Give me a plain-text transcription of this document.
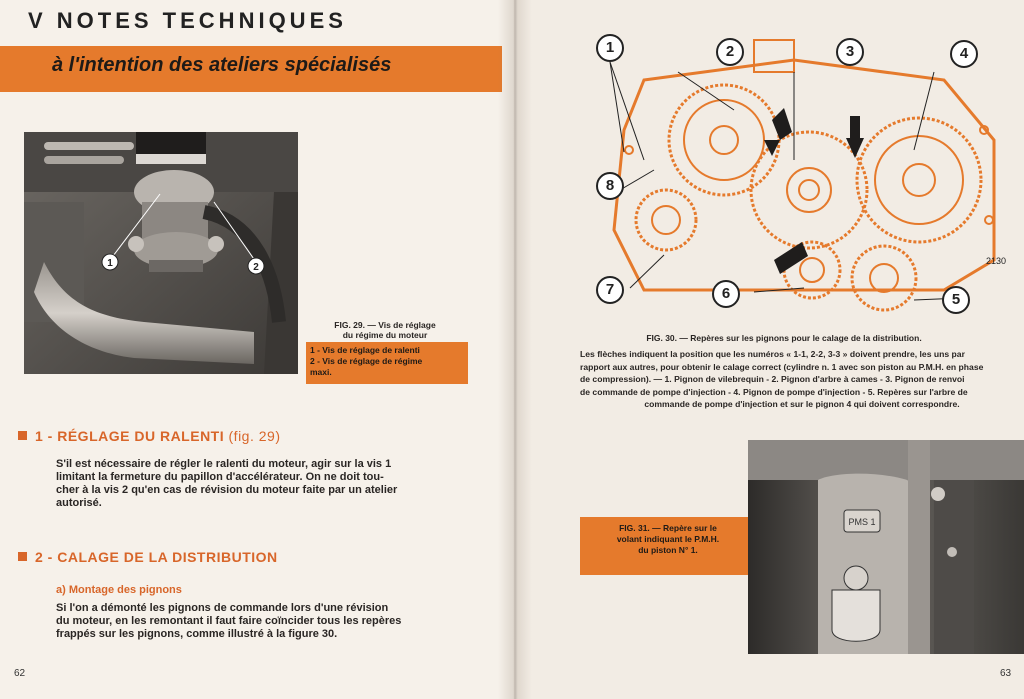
V NOTES TECHNIQUES
à l'intention des ateliers spécialisés
1	2
FIG. 29. — Vis de réglage
du régime du moteur
1 - Vis de réglage de ralenti
2 - Vis de réglage de régime
maxi.
1 - RÉGLAGE DU RALENTI (fig. 29)
S'il est nécessaire de régler le ralenti du moteur, agir sur la vis 1
limitant la fermeture du papillon d'accélérateur. On ne doit tou-
cher à la vis 2 qu'en cas de révision du moteur faite par un atelier
autorisé.
2 - CALAGE DE LA DISTRIBUTION
a) Montage des pignons
Si l'on a démonté les pignons de commande lors d'une révision
du moteur, en les remontant il faut faire coïncider tous les repères
frappés sur les pignons, comme illustré à la figure 30.
62
1	2	3	4
8
7	6	5
2130
FIG. 30. — Repères sur les pignons pour le calage de la distribution.
Les flèches indiquent la position que les numéros « 1-1, 2-2, 3-3 » doivent prendre, les uns par
rapport aux autres, pour obtenir le calage correct (cylindre n. 1 avec son piston au P.M.H. en phase
de compression). — 1. Pignon de vilebrequin - 2. Pignon d'arbre à cames - 3. Pignon de renvoi
de commande de pompe d'injection - 4. Pignon de pompe d'injection - 5. Repères sur l'arbre de
commande de pompe d'injection et sur le pignon 4 qui doivent correspondre.
FIG. 31. — Repère sur le
volant indiquant le P.M.H.
du piston N° 1.
PMS 1
63
